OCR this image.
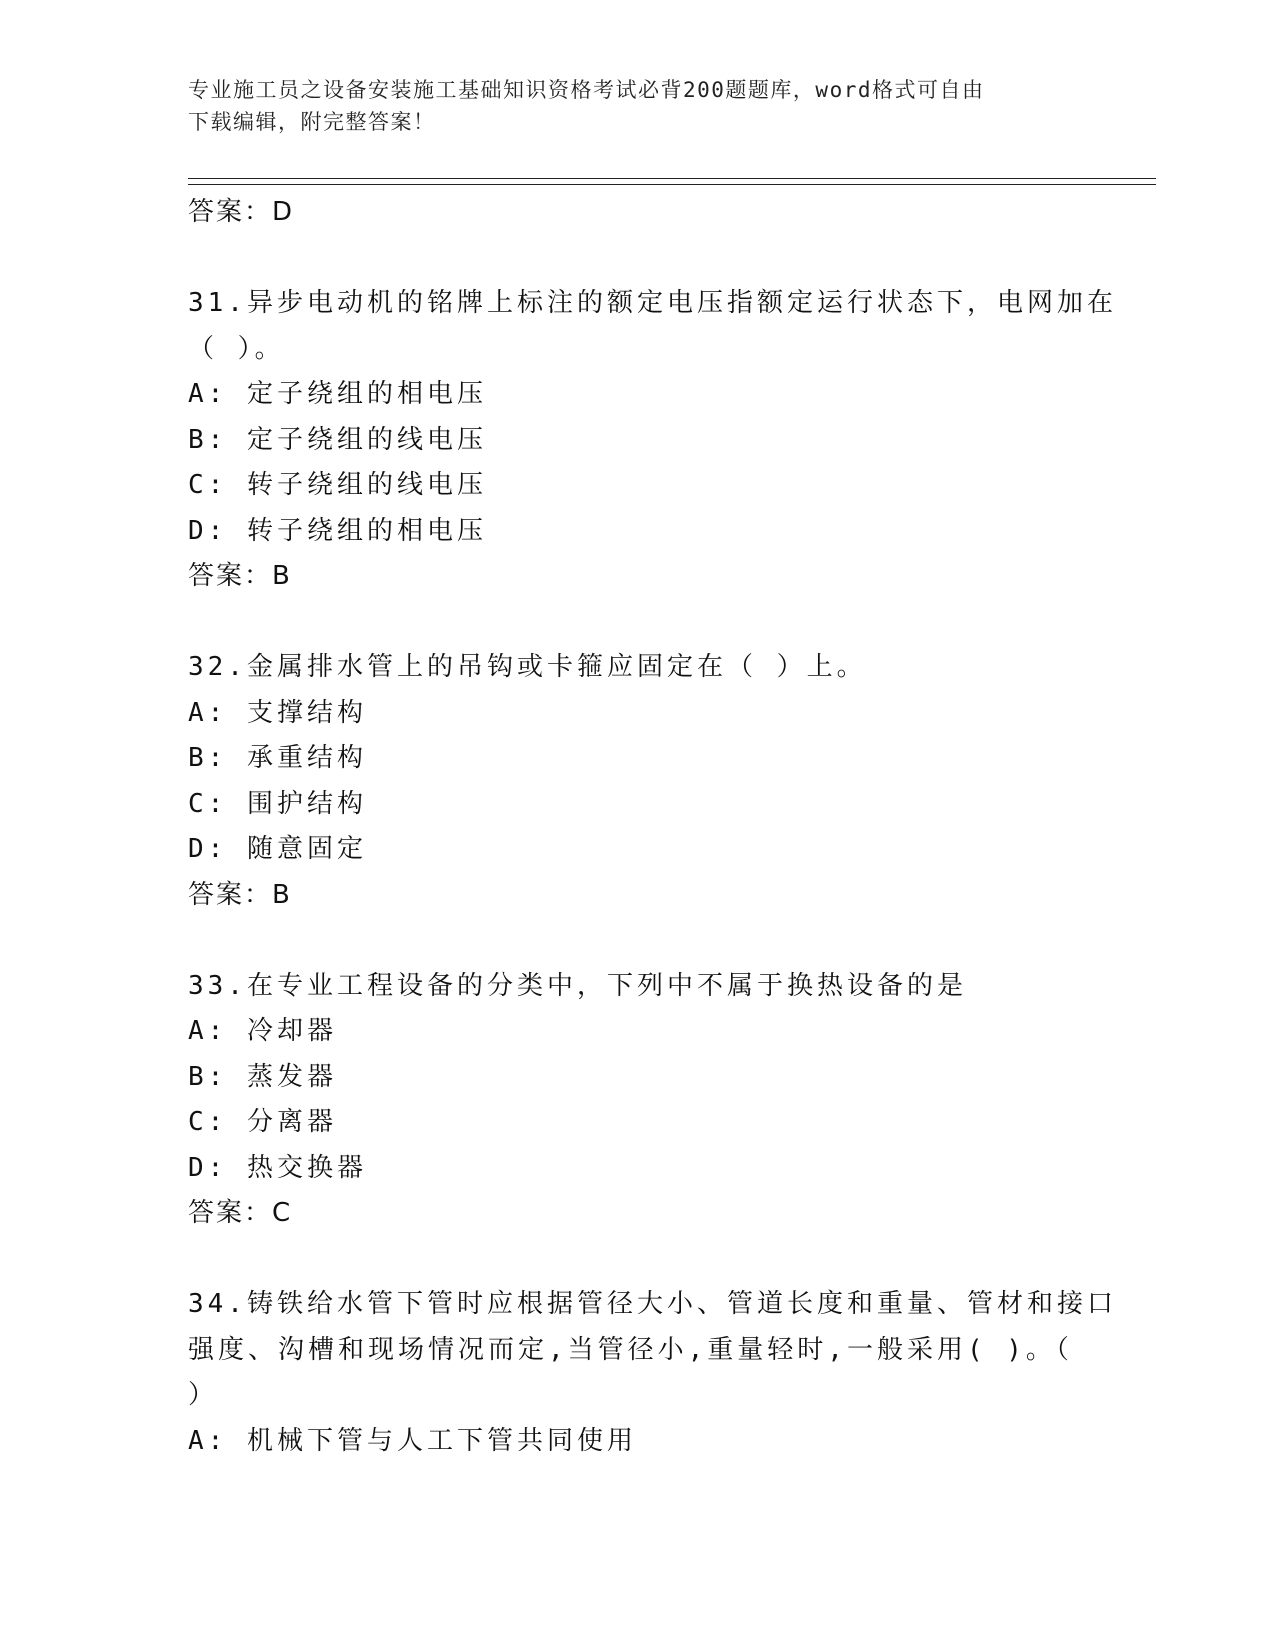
专业施工员之设备安装施工基础知识资格考试必背200题题库，word格式可自由
下载编辑，附完整答案！
答案：D
31.异步电动机的铭牌上标注的额定电压指额定运行状态下，电网加在
（ ）。
A: 定子绕组的相电压
B: 定子绕组的线电压
C: 转子绕组的线电压
D: 转子绕组的相电压
答案：B
32.金属排水管上的吊钩或卡箍应固定在（ ）上。
A: 支撑结构
B: 承重结构
C: 围护结构
D: 随意固定
答案：B
33.在专业工程设备的分类中，下列中不属于换热设备的是
A: 冷却器
B: 蒸发器
C: 分离器
D: 热交换器
答案：C
34.铸铁给水管下管时应根据管径大小、管道长度和重量、管材和接口
强度、沟槽和现场情况而定,当管径小,重量轻时,一般采用( )。（
）
A: 机械下管与人工下管共同使用
